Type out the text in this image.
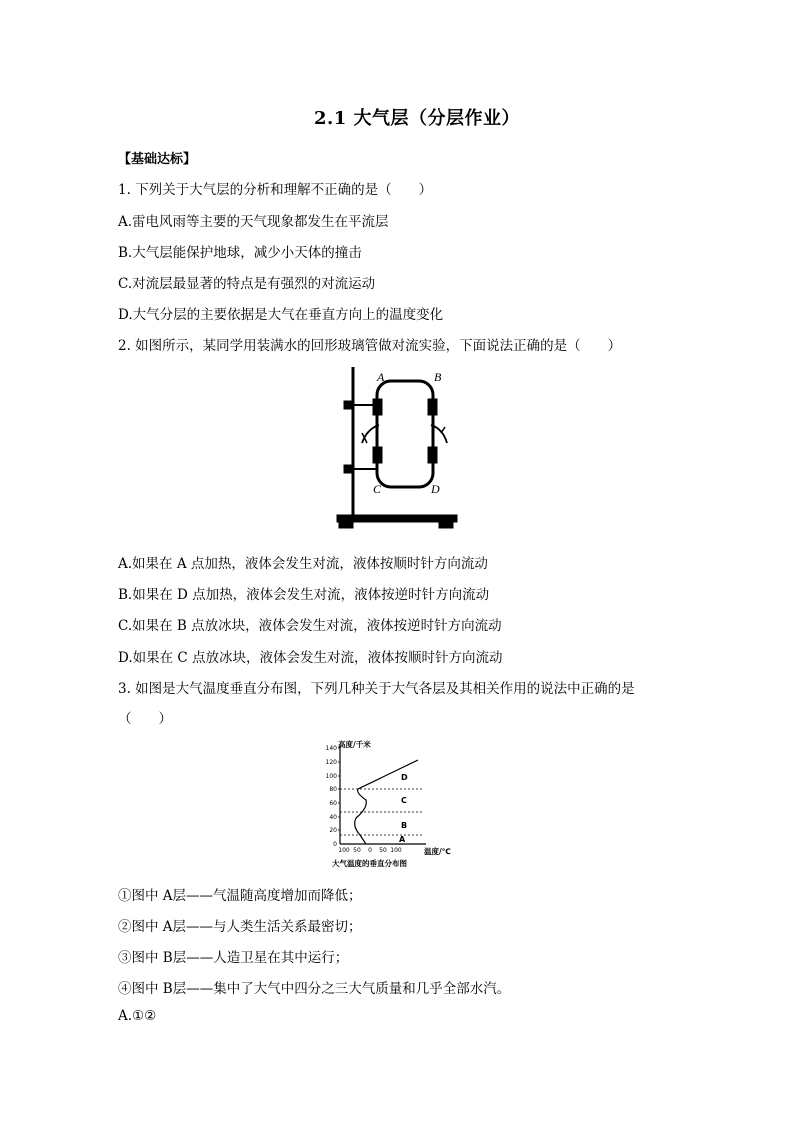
2.1 大气层（分层作业）
【基础达标】
1. 下列关于大气层的分析和理解不正确的是（　　）
A.雷电风雨等主要的天气现象都发生在平流层
B.大气层能保护地球，减少小天体的撞击
C.对流层最显著的特点是有强烈的对流运动
D.大气分层的主要依据是大气在垂直方向上的温度变化
2. 如图所示，某同学用装满水的回形玻璃管做对流实验，下面说法正确的是（　　）
A	B
C	D
A.如果在 A 点加热，液体会发生对流，液体按顺时针方向流动
B.如果在 D 点加热，液体会发生对流，液体按逆时针方向流动
C.如果在 B 点放冰块，液体会发生对流，液体按逆时针方向流动
D.如果在 C 点放冰块，液体会发生对流，液体按顺时针方向流动
3. 如图是大气温度垂直分布图，下列几种关于大气各层及其相关作用的说法中正确的是
（　　）
高度/千米
温度/℃
大气温度的垂直分布图
140
120
100
80
60
40
20
0
100 50 0 50 100
D
C
B
A
①图中 A层——气温随高度增加而降低；
②图中 A层——与人类生活关系最密切；
③图中 B层——人造卫星在其中运行；
④图中 B层——集中了大气中四分之三大气质量和几乎全部水汽。
A.①②
